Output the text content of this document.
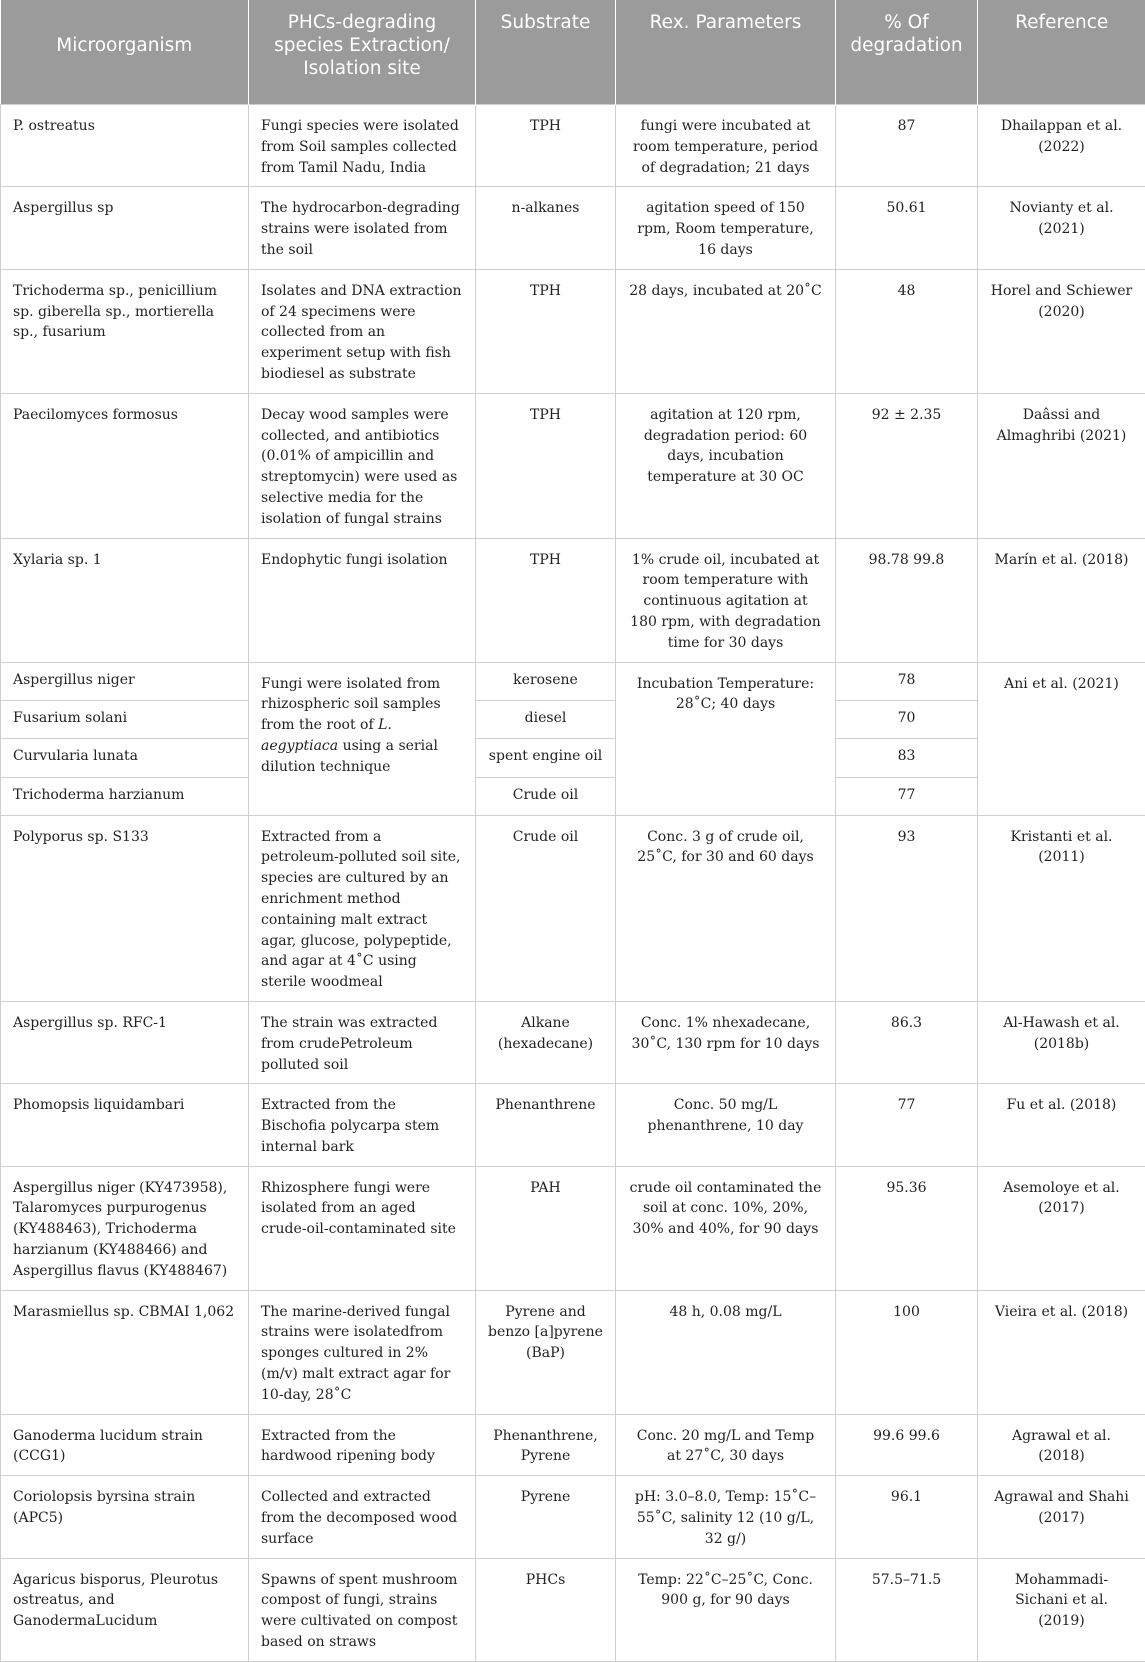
Microorganism	PHCs-degrading species Extraction/ Isolation site	Substrate	Rex. Parameters	% Of degradation	Reference
P. ostreatus	Fungi species were isolated from Soil samples collected from Tamil Nadu, India	TPH	fungi were incubated at room temperature, period of degradation; 21 days	87	Dhailappan et al. (2022)
Aspergillus sp	The hydrocarbon-degrading strains were isolated from the soil	n-alkanes	agitation speed of 150 rpm, Room temperature, 16 days	50.61	Novianty et al. (2021)
Trichoderma sp., penicillium sp. giberella sp., mortierella sp., fusarium	Isolates and DNA extraction of 24 specimens were collected from an experiment setup with fish biodiesel as substrate	TPH	28 days, incubated at 20˚C	48	Horel and Schiewer (2020)
Paecilomyces formosus	Decay wood samples were collected, and antibiotics (0.01% of ampicillin and streptomycin) were used as selective media for the isolation of fungal strains	TPH	agitation at 120 rpm, degradation period: 60 days, incubation temperature at 30 OC	92 ± 2.35	Daâssi and Almaghribi (2021)
Xylaria sp. 1	Endophytic fungi isolation	TPH	1% crude oil, incubated at room temperature with continuous agitation at 180 rpm, with degradation time for 30 days	98.78 99.8	Marín et al. (2018)
Aspergillus niger	Fungi were isolated from rhizospheric soil samples from the root of L. aegyptiaca using a serial dilution technique	kerosene	Incubation Temperature: 28˚C; 40 days	78	Ani et al. (2021)
Fusarium solani		diesel		70	
Curvularia lunata		spent engine oil		83	
Trichoderma harzianum		Crude oil		77	
Polyporus sp. S133	Extracted from a petroleum-polluted soil site, species are cultured by an enrichment method containing malt extract agar, glucose, polypeptide, and agar at 4˚C using sterile woodmeal	Crude oil	Conc. 3 g of crude oil, 25˚C, for 30 and 60 days	93	Kristanti et al. (2011)
Aspergillus sp. RFC-1	The strain was extracted from crudePetroleum polluted soil	Alkane (hexadecane)	Conc. 1% nhexadecane, 30˚C, 130 rpm for 10 days	86.3	Al-Hawash et al. (2018b)
Phomopsis liquidambari	Extracted from the Bischofia polycarpa stem internal bark	Phenanthrene	Conc. 50 mg/L phenanthrene, 10 day	77	Fu et al. (2018)
Aspergillus niger (KY473958), Talaromyces purpurogenus (KY488463), Trichoderma harzianum (KY488466) and Aspergillus flavus (KY488467)	Rhizosphere fungi were isolated from an aged crude-oil-contaminated site	PAH	crude oil contaminated the soil at conc. 10%, 20%, 30% and 40%, for 90 days	95.36	Asemoloye et al. (2017)
Marasmiellus sp. CBMAI 1,062	The marine-derived fungal strains were isolatedfrom sponges cultured in 2% (m/v) malt extract agar for 10-day, 28˚C	Pyrene and benzo [a]pyrene (BaP)	48 h, 0.08 mg/L	100	Vieira et al. (2018)
Ganoderma lucidum strain (CCG1)	Extracted from the hardwood ripening body	Phenanthrene, Pyrene	Conc. 20 mg/L and Temp at 27˚C, 30 days	99.6 99.6	Agrawal et al. (2018)
Coriolopsis byrsina strain (APC5)	Collected and extracted from the decomposed wood surface	Pyrene	pH: 3.0–8.0, Temp: 15˚C–55˚C, salinity 12 (10 g/L, 32 g/)	96.1	Agrawal and Shahi (2017)
Agaricus bisporus, Pleurotus ostreatus, and GanodermaLucidum	Spawns of spent mushroom compost of fungi, strains were cultivated on compost based on straws	PHCs	Temp: 22˚C–25˚C, Conc. 900 g, for 90 days	57.5–71.5	Mohammadi-Sichani et al. (2019)
